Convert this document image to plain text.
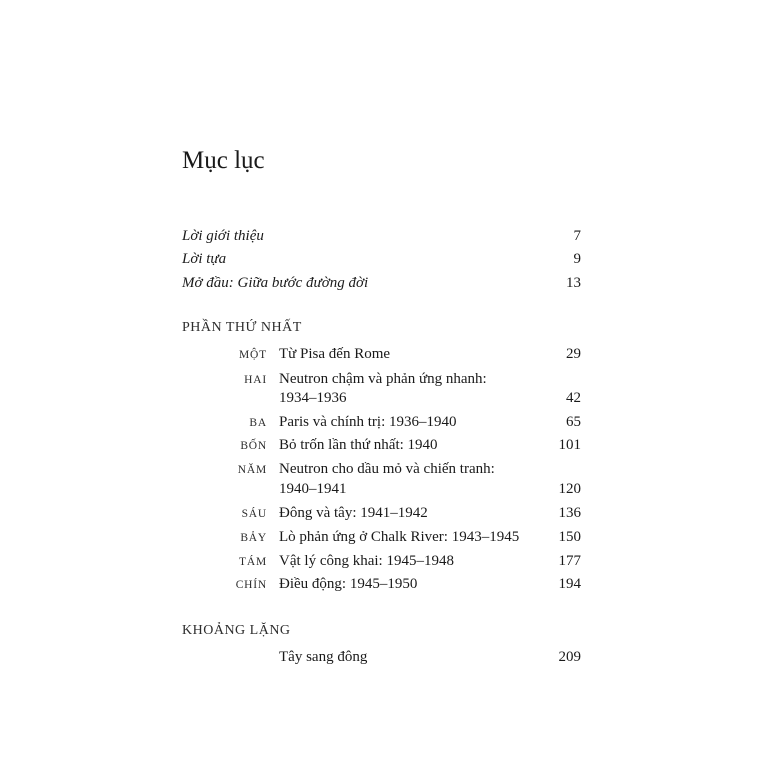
Mục lục
Lời giới thiệu	7
Lời tựa	9
Mở đầu: Giữa bước đường đời	13
PHẦN THỨ NHẤT
MỘT Từ Pisa đến Rome	29
HAI Neutron chậm và phản ứng nhanh:
1934–1936	42
BA Paris và chính trị: 1936–1940	65
BỐN Bỏ trốn lần thứ nhất: 1940	101
NĂM Neutron cho dầu mỏ và chiến tranh:
1940–1941	120
SÁU Đông và tây: 1941–1942	136
BẢY Lò phản ứng ở Chalk River: 1943–1945	150
TÁM Vật lý công khai: 1945–1948	177
CHÍN Điều động: 1945–1950	194
KHOẢNG LẶNG
Tây sang đông	209
